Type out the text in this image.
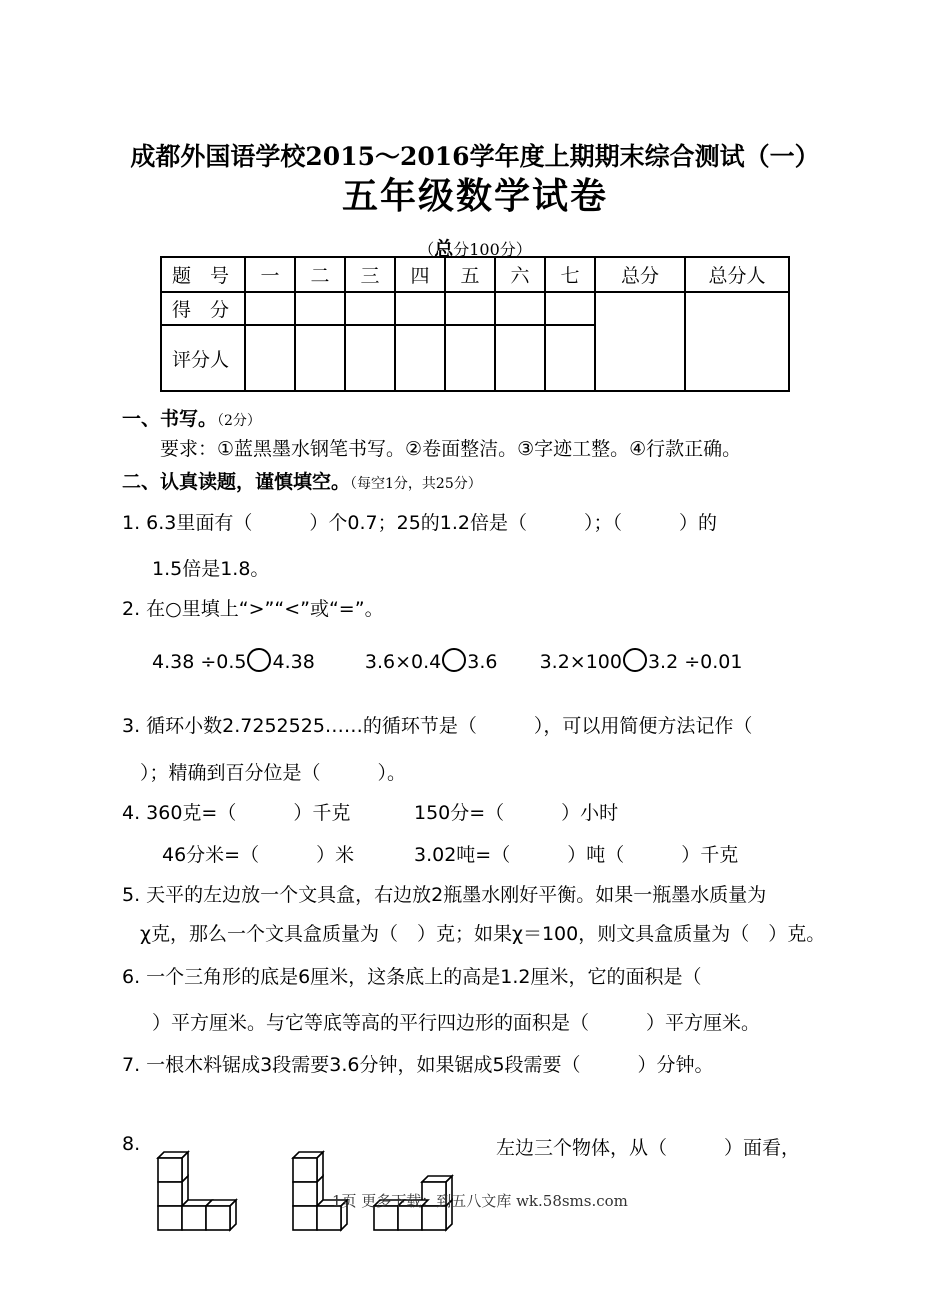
成都外国语学校2015～2016学年度上期期末综合测试（一）
五年级数学试卷
（总分100分）
题　号	一	二	三	四	五	六	七	总分	总分人
得　分									
评分人									
一、书写。（2分）
要求：①蓝黑墨水钢笔书写。②卷面整洁。③字迹工整。④行款正确。
二、认真读题，谨慎填空。（每空1分，共25分）
1. 6.3里面有（　　　）个0.7；25的1.2倍是（　　　）；（　　　）的
1.5倍是1.8。
2. 在○里填上“>”“<”或“=”。
4.38 ÷0.5 4.38	3.6×0.4 3.6 3.2×100 3.2 ÷0.01
3. 循环小数2.7252525……的循环节是（　　　），可以用简便方法记作（
）；精确到百分位是（　　　）。
4. 360克=（　　　）千克	150分=（　　　）小时
46分米=（　　　）米	3.02吨=（　　　）吨（　　　）千克
5. 天平的左边放一个文具盒，右边放2瓶墨水刚好平衡。如果一瓶墨水质量为
χ克，那么一个文具盒质量为（　）克；如果χ＝100，则文具盒质量为（　）克。
6. 一个三角形的底是6厘米，这条底上的高是1.2厘米，它的面积是（
）平方厘米。与它等底等高的平行四边形的面积是（　　　）平方厘米。
7. 一根木料锯成3段需要3.6分钟，如果锯成5段需要（　　　）分钟。
8.	左边三个物体，从（　　　）面看，
1页 更多下载：到五八文库 wk.58sms.com
